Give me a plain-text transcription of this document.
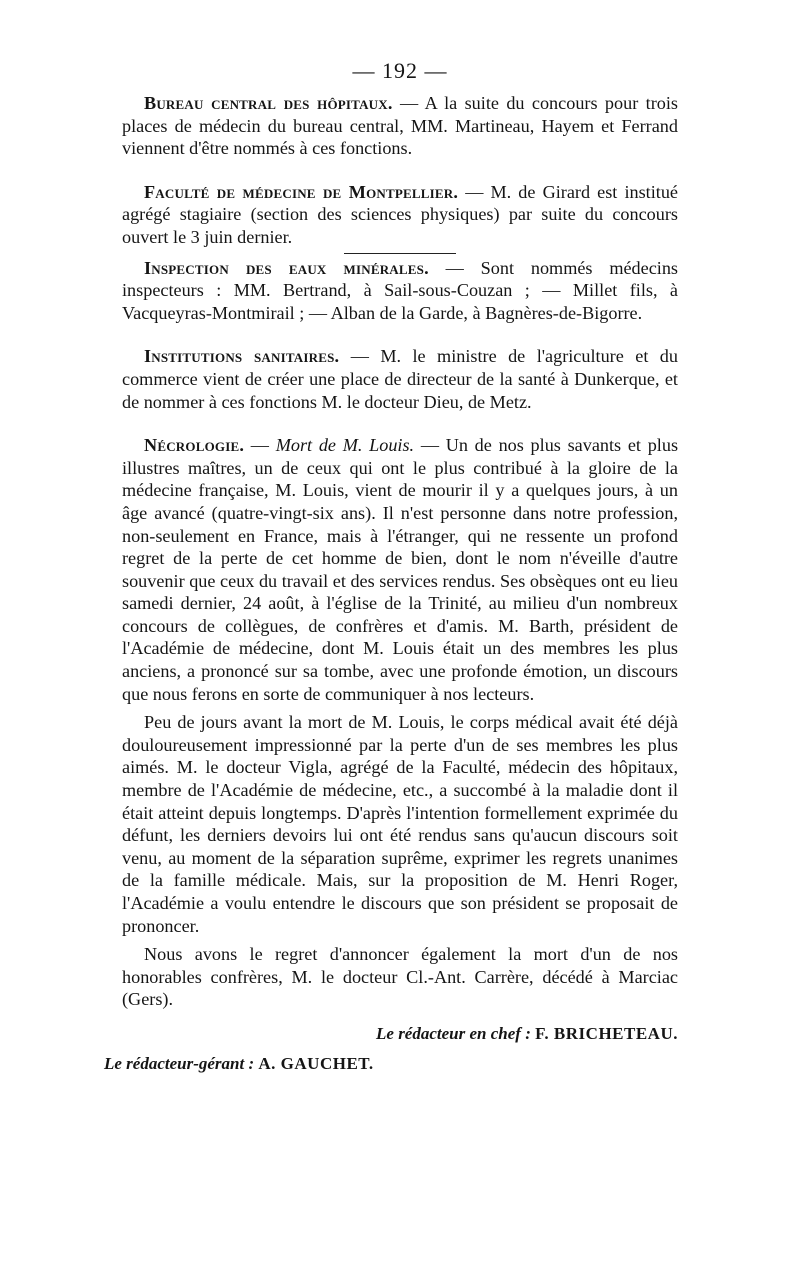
— 192 —

Bureau central des hôpitaux. — A la suite du concours pour trois places de médecin du bureau central, MM. Martineau, Hayem et Ferrand viennent d'être nommés à ces fonctions.

Faculté de médecine de Montpellier. — M. de Girard est institué agrégé stagiaire (section des sciences physiques) par suite du concours ouvert le 3 juin dernier.

Inspection des eaux minérales. — Sont nommés médecins inspecteurs : MM. Bertrand, à Sail-sous-Couzan ; — Millet fils, à Vacqueyras-Montmirail ; — Alban de la Garde, à Bagnères-de-Bigorre.

Institutions sanitaires. — M. le ministre de l'agriculture et du commerce vient de créer une place de directeur de la santé à Dunkerque, et de nommer à ces fonctions M. le docteur Dieu, de Metz.

Nécrologie. — Mort de M. Louis. — Un de nos plus savants et plus illustres maîtres, un de ceux qui ont le plus contribué à la gloire de la médecine française, M. Louis, vient de mourir il y a quelques jours, à un âge avancé (quatre-vingt-six ans). Il n'est personne dans notre profession, non-seulement en France, mais à l'étranger, qui ne ressente un profond regret de la perte de cet homme de bien, dont le nom n'éveille d'autre souvenir que ceux du travail et des services rendus. Ses obsèques ont eu lieu samedi dernier, 24 août, à l'église de la Trinité, au milieu d'un nombreux concours de collègues, de confrères et d'amis. M. Barth, président de l'Académie de médecine, dont M. Louis était un des membres les plus anciens, a prononcé sur sa tombe, avec une profonde émotion, un discours que nous ferons en sorte de communiquer à nos lecteurs.

Peu de jours avant la mort de M. Louis, le corps médical avait été déjà douloureusement impressionné par la perte d'un de ses membres les plus aimés. M. le docteur Vigla, agrégé de la Faculté, médecin des hôpitaux, membre de l'Académie de médecine, etc., a succombé à la maladie dont il était atteint depuis longtemps. D'après l'intention formellement exprimée du défunt, les derniers devoirs lui ont été rendus sans qu'aucun discours soit venu, au moment de la séparation suprême, exprimer les regrets unanimes de la famille médicale. Mais, sur la proposition de M. Henri Roger, l'Académie a voulu entendre le discours que son président se proposait de prononcer.

Nous avons le regret d'annoncer également la mort d'un de nos honorables confrères, M. le docteur Cl.-Ant. Carrère, décédé à Marciac (Gers).

Le rédacteur en chef : F. BRICHETEAU.

Le rédacteur-gérant : A. GAUCHET.
